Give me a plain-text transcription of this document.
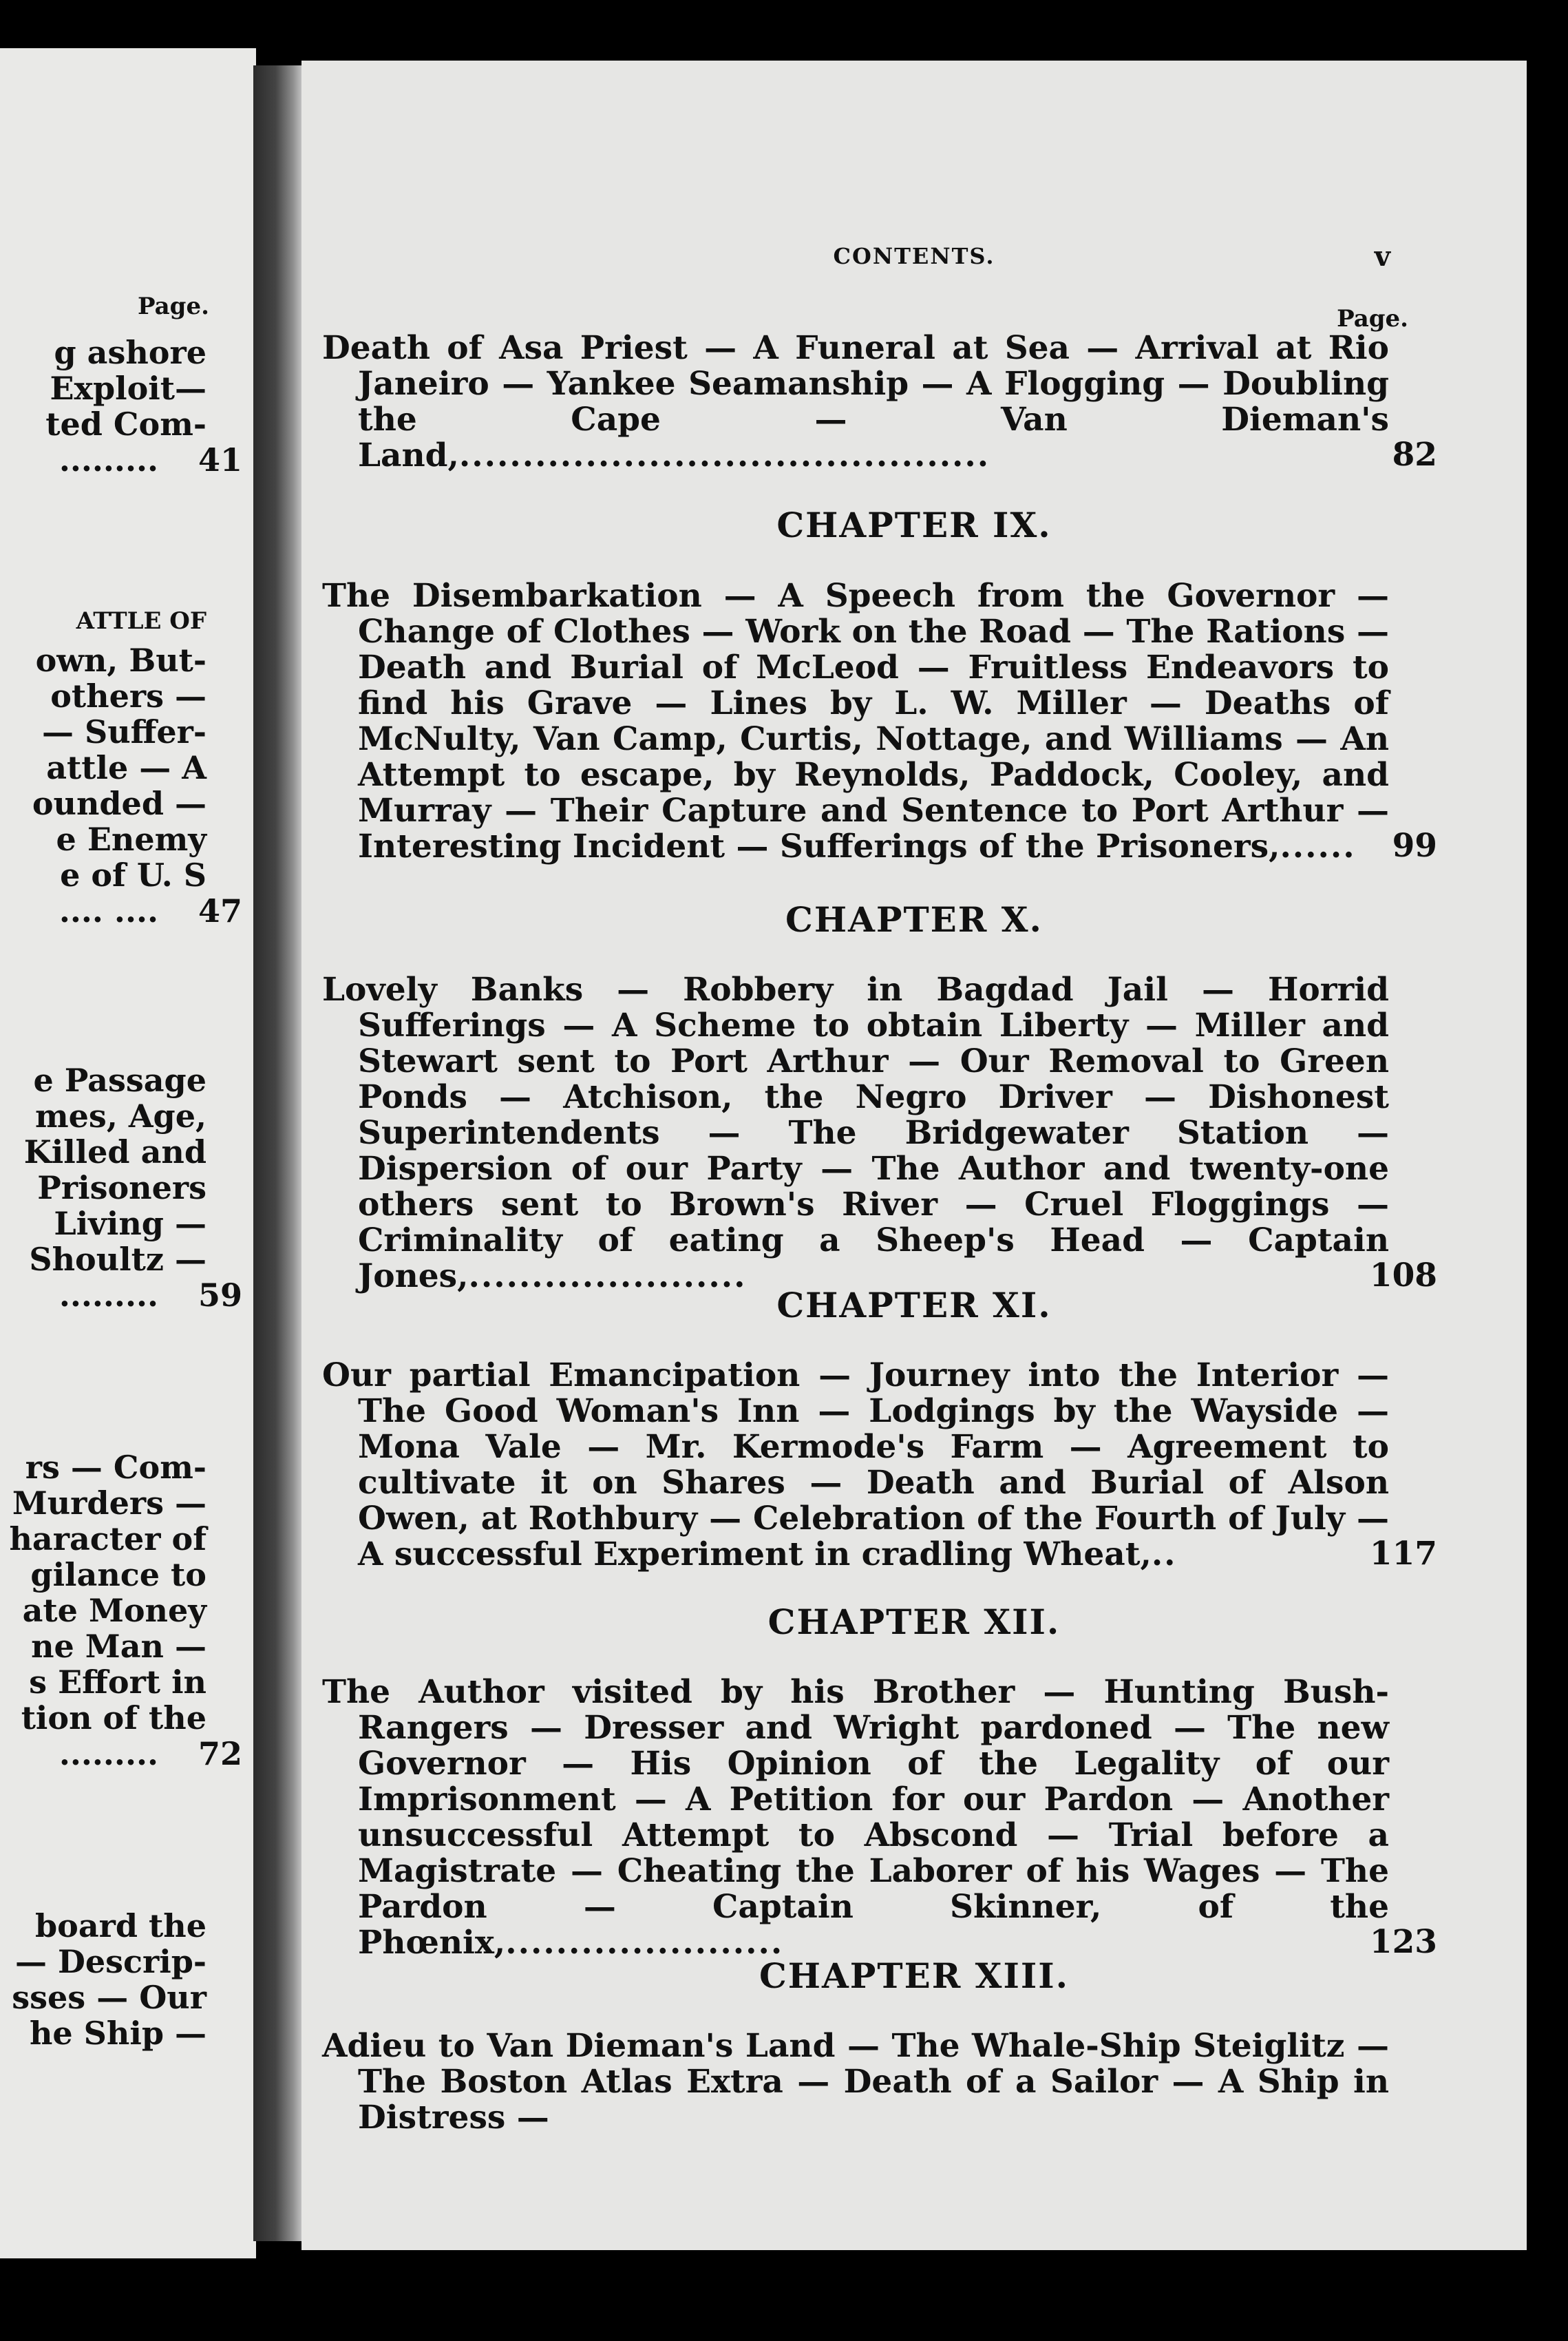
Page.
g ashore
Exploit—
ted Com-
.........	41
ATTLE OF
own, But-
others —
— Suffer-
attle — A
ounded —
e Enemy
e of U. S
.... ....	47
e Passage
mes, Age,
Killed and
Prisoners
Living —
Shoultz —
.........	59
rs — Com-
Murders —
haracter of
gilance to
ate Money
ne Man —
s Effort in
tion of the
.........	72
board the
— Descrip-
sses — Our
he Ship —
CONTENTS.	v
Page.

Death of Asa Priest — A Funeral at Sea — Arrival at Rio Janeiro — Yankee Seamanship — A Flogging — Doubling the Cape — Van Dieman's Land,..........................................	82
CHAPTER IX.

The Disembarkation — A Speech from the Governor — Change of Clothes — Work on the Road — The Rations — Death and Burial of McLeod — Fruitless Endeavors to find his Grave — Lines by L. W. Miller — Deaths of McNulty, Van Camp, Curtis, Nottage, and Williams — An Attempt to escape, by Reynolds, Paddock, Cooley, and Murray — Their Capture and Sentence to Port Arthur — Interesting Incident — Sufferings of the Prisoners,......	99
CHAPTER X.

Lovely Banks — Robbery in Bagdad Jail — Horrid Sufferings — A Scheme to obtain Liberty — Miller and Stewart sent to Port Arthur — Our Removal to Green Ponds — Atchison, the Negro Driver — Dishonest Superintendents — The Bridgewater Station — Dispersion of our Party — The Author and twenty-one others sent to Brown's River — Cruel Floggings — Criminality of eating a Sheep's Head — Captain Jones,......................	108
CHAPTER XI.

Our partial Emancipation — Journey into the Interior — The Good Woman's Inn — Lodgings by the Wayside — Mona Vale — Mr. Kermode's Farm — Agreement to cultivate it on Shares — Death and Burial of Alson Owen, at Rothbury — Celebration of the Fourth of July — A successful Experiment in cradling Wheat,..	117
CHAPTER XII.

The Author visited by his Brother — Hunting Bush-Rangers — Dresser and Wright pardoned — The new Governor — His Opinion of the Legality of our Imprisonment — A Petition for our Pardon — Another unsuccessful Attempt to Abscond — Trial before a Magistrate — Cheating the Laborer of his Wages — The Pardon — Captain Skinner, of the Phœnix,......................	123
CHAPTER XIII.

Adieu to Van Dieman's Land — The Whale-Ship Steiglitz — The Boston Atlas Extra — Death of a Sailor — A Ship in Distress —
